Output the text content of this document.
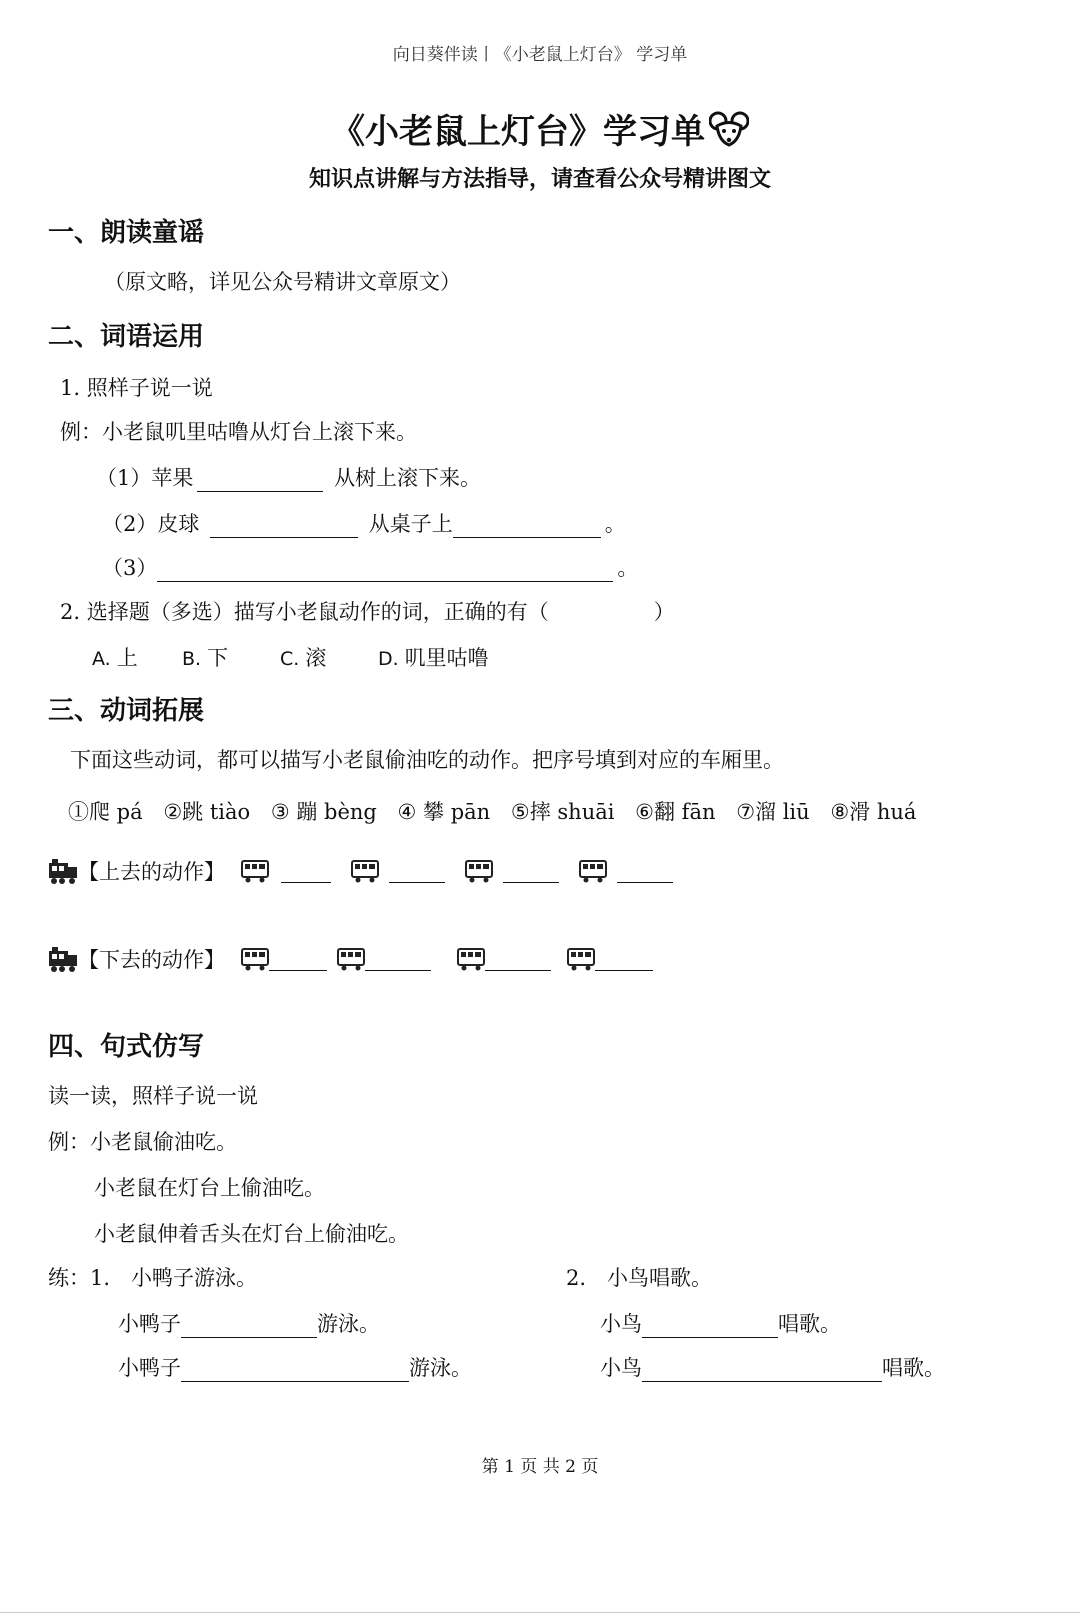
向日葵伴读丨《小老鼠上灯台》 学习单
《小老鼠上灯台》学习单
知识点讲解与方法指导，请查看公众号精讲图文
一、朗读童谣
（原文略，详见公众号精讲文章原文）
二、词语运用
1. 照样子说一说
例：小老鼠叽里咕噜从灯台上滚下来。
（1）苹果	从树上滚下来。
（2）皮球	从桌子上	。
（3）	。
2. 选择题（多选）描写小老鼠动作的词，正确的有（　　　　　）
A. 上 B. 下	C. 滚	D. 叽里咕噜
三、动词拓展
下面这些动词，都可以描写小老鼠偷油吃的动作。把序号填到对应的车厢里。
①爬 pá ②跳 tiào ③ 蹦 bèng ④ 攀 pān ⑤摔 shuāi ⑥翻 fān ⑦溜 liū ⑧滑 huá
【上去的动作】
【下去的动作】
四、句式仿写
读一读，照样子说一说
例：小老鼠偷油吃。
小老鼠在灯台上偷油吃。
小老鼠伸着舌头在灯台上偷油吃。
练：1.　小鸭子游泳。	2.　小鸟唱歌。
小鸭子	游泳。
小鸭子	游泳。
小鸟	唱歌。
小鸟	唱歌。
第 1 页 共 2 页
